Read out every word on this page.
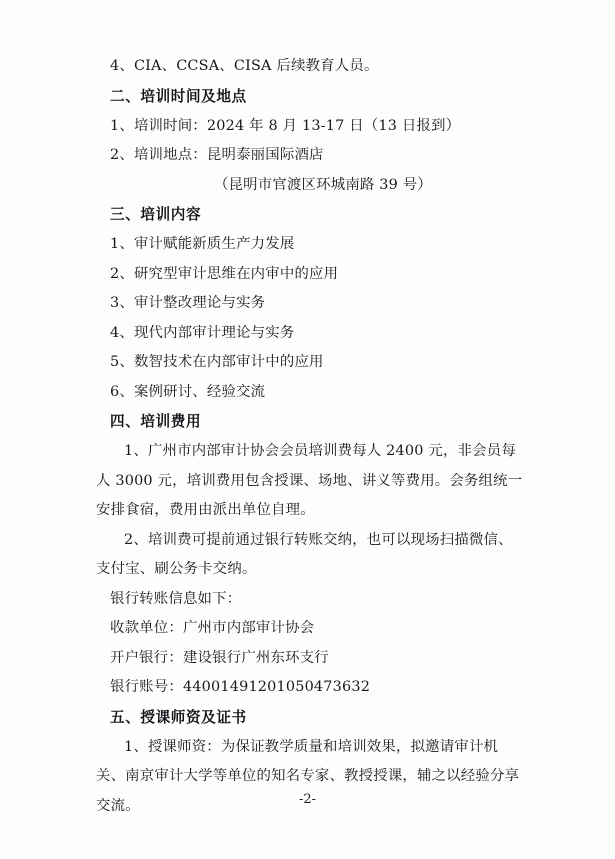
4、CIA、CCSA、CISA 后续教育人员。
二、培训时间及地点
1、培训时间：2024 年 8 月 13-17 日（13 日报到）
2、培训地点：昆明泰丽国际酒店
（昆明市官渡区环城南路 39 号）
三、培训内容
1、审计赋能新质生产力发展
2、研究型审计思维在内审中的应用
3、审计整改理论与实务
4、现代内部审计理论与实务
5、数智技术在内部审计中的应用
6、案例研讨、经验交流
四、培训费用
1、广州市内部审计协会会员培训费每人 2400 元，非会员每人 3000 元，培训费用包含授课、场地、讲义等费用。会务组统一安排食宿，费用由派出单位自理。
2、培训费可提前通过银行转账交纳，也可以现场扫描微信、支付宝、刷公务卡交纳。
银行转账信息如下：
收款单位：广州市内部审计协会
开户银行：建设银行广州东环支行
银行账号：44001491201050473632
五、授课师资及证书
1、授课师资：为保证教学质量和培训效果，拟邀请审计机关、南京审计大学等单位的知名专家、教授授课，辅之以经验分享交流。	-2-
